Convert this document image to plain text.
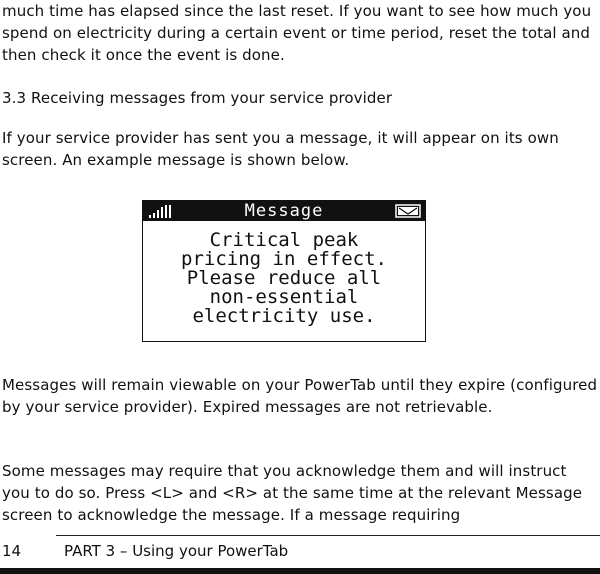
much time has elapsed since the last reset. If you want to see how much you spend on electricity during a certain event or time period, reset the total and then check it once the event is done.

3.3 Receiving messages from your service provider

If your service provider has sent you a message, it will appear on its own screen. An example message is shown below.

Message
Critical peak
pricing in effect.
Please reduce all
non-essential
electricity use.

Messages will remain viewable on your PowerTab until they expire (configured by your service provider). Expired messages are not retrievable.

Some messages may require that you acknowledge them and will instruct you to do so. Press <L> and <R> at the same time at the relevant Message screen to acknowledge the message. If a message requiring

14	PART 3 – Using your PowerTab
